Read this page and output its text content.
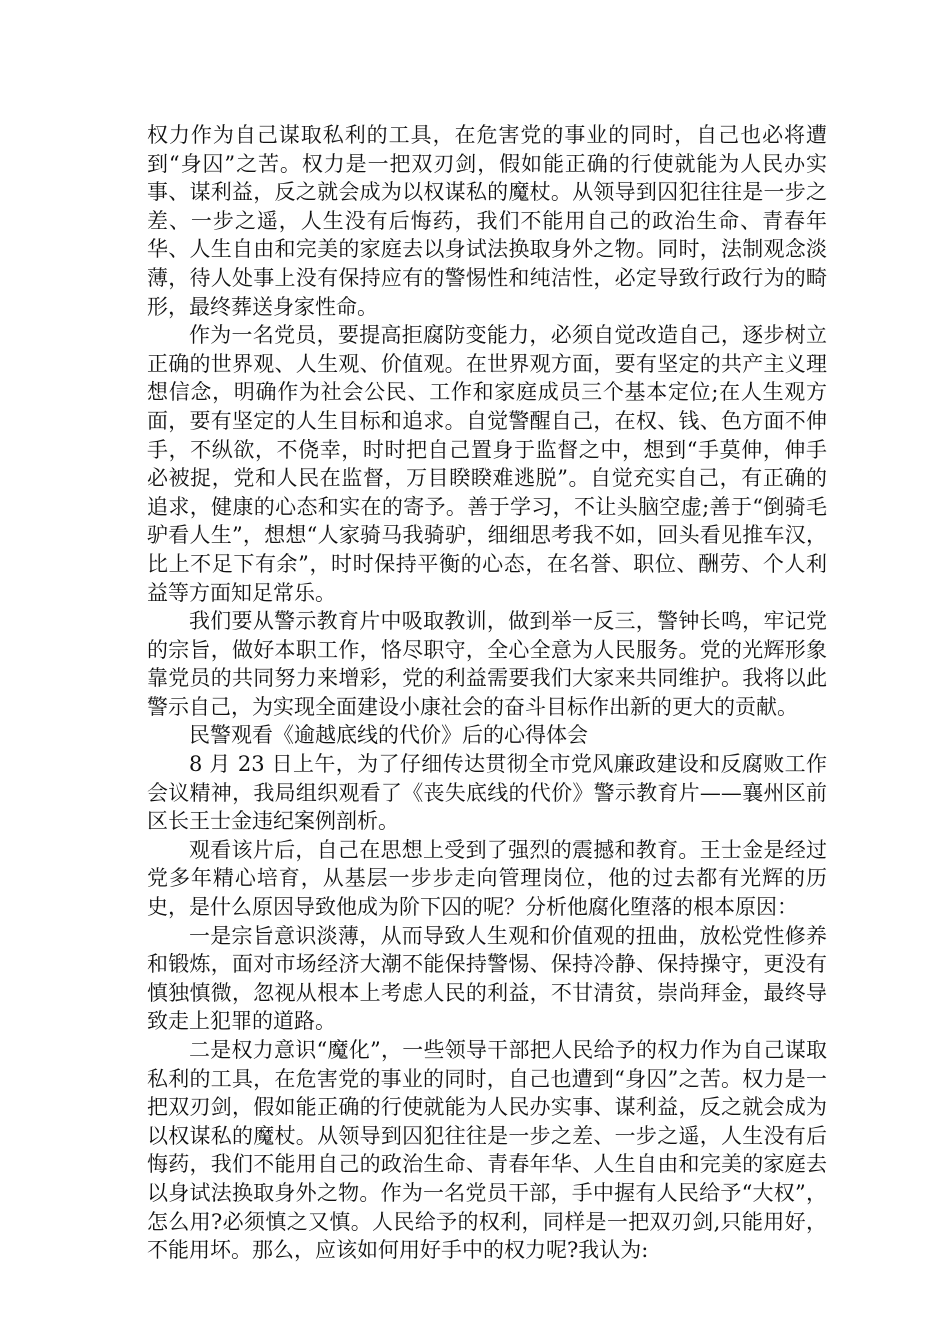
权力作为自己谋取私利的工具，在危害党的事业的同时，自己也必将遭到“身囚”之苦。权力是一把双刃剑，假如能正确的行使就能为人民办实事、谋利益，反之就会成为以权谋私的魔杖。从领导到囚犯往往是一步之差、一步之遥，人生没有后悔药，我们不能用自己的政治生命、青春年华、人生自由和完美的家庭去以身试法换取身外之物。同时，法制观念淡薄，待人处事上没有保持应有的警惕性和纯洁性，必定导致行政行为的畸形，最终葬送身家性命。

作为一名党员，要提高拒腐防变能力，必须自觉改造自己，逐步树立正确的世界观、人生观、价值观。在世界观方面，要有坚定的共产主义理想信念，明确作为社会公民、工作和家庭成员三个基本定位;在人生观方面，要有坚定的人生目标和追求。自觉警醒自己，在权、钱、色方面不伸手，不纵欲，不侥幸，时时把自己置身于监督之中，想到“手莫伸，伸手必被捉，党和人民在监督，万目睽睽难逃脱”。自觉充实自己，有正确的追求，健康的心态和实在的寄予。善于学习，不让头脑空虚;善于“倒骑毛驴看人生”，想想“人家骑马我骑驴，细细思考我不如，回头看见推车汉，比上不足下有余”，时时保持平衡的心态，在名誉、职位、酬劳、个人利益等方面知足常乐。

我们要从警示教育片中吸取教训，做到举一反三，警钟长鸣，牢记党的宗旨，做好本职工作，恪尽职守，全心全意为人民服务。党的光辉形象靠党员的共同努力来增彩，党的利益需要我们大家来共同维护。我将以此警示自己，为实现全面建设小康社会的奋斗目标作出新的更大的贡献。

民警观看《逾越底线的代价》后的心得体会

8 月 23 日上午，为了仔细传达贯彻全市党风廉政建设和反腐败工作会议精神，我局组织观看了《丧失底线的代价》警示教育片——襄州区前区长王士金违纪案例剖析。

观看该片后，自己在思想上受到了强烈的震撼和教育。王士金是经过党多年精心培育，从基层一步步走向管理岗位，他的过去都有光辉的历史，是什么原因导致他成为阶下囚的呢？分析他腐化堕落的根本原因：

一是宗旨意识淡薄，从而导致人生观和价值观的扭曲，放松党性修养和锻炼，面对市场经济大潮不能保持警惕、保持冷静、保持操守，更没有慎独慎微，忽视从根本上考虑人民的利益，不甘清贫，崇尚拜金，最终导致走上犯罪的道路。

二是权力意识“魔化”，一些领导干部把人民给予的权力作为自己谋取私利的工具，在危害党的事业的同时，自己也遭到“身囚”之苦。权力是一把双刃剑，假如能正确的行使就能为人民办实事、谋利益，反之就会成为以权谋私的魔杖。从领导到囚犯往往是一步之差、一步之遥，人生没有后悔药，我们不能用自己的政治生命、青春年华、人生自由和完美的家庭去以身试法换取身外之物。作为一名党员干部，手中握有人民给予“大权”，怎么用?必须慎之又慎。人民给予的权利，同样是一把双刃剑,只能用好，不能用坏。那么，应该如何用好手中的权力呢?我认为:
